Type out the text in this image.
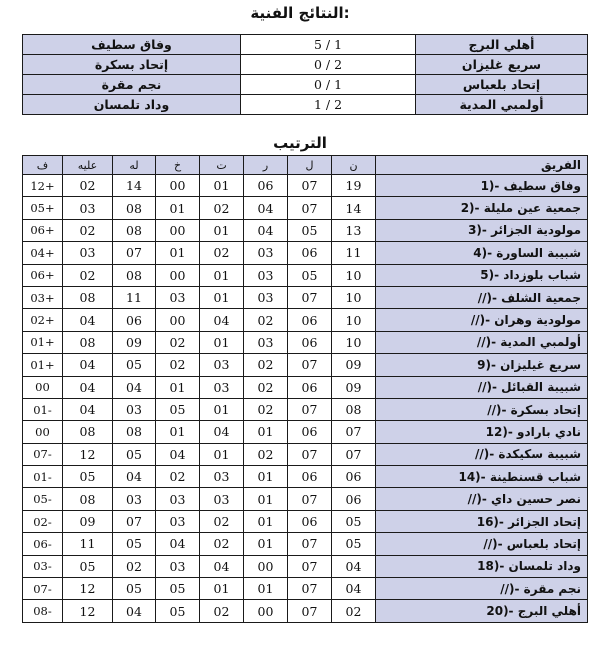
النتائج الفنية:
وفاق سطيف	5 / 1	أهلي البرج
إتحاد بسكرة	0 / 2	سريع غليزان
نجم مقرة	0 / 1	إتحاد بلعباس
وداد تلمسان	1 / 2	أولمبي المدية
الترتيب
ف	عليه	له	خ	ت	ر	ل	ن	الفريق
12+	02	14	00	01	06	07	19	1)- وفاق سطيف
05+	03	08	01	02	04	07	14	2)- جمعية عين مليلة
06+	02	08	00	01	04	05	13	3)- مولودية الجزائر
04+	03	07	01	02	03	06	11	4)- شبيبة الساورة
06+	02	08	00	01	03	05	10	5)- شباب بلوزداد
03+	08	11	03	01	03	07	10	//)- جمعية الشلف
02+	04	06	00	04	02	06	10	//)- مولودية وهران
01+	08	09	02	01	03	06	10	//)- أولمبي المدية
01+	04	05	02	03	02	07	09	9)- سريع غيليزان
00	04	04	01	03	02	06	09	//)- شبيبة القبائل
01-	04	03	05	01	02	07	08	//)- إتحاد بسكرة
00	08	08	01	04	01	06	07	12)- نادي بارادو
07-	12	05	04	01	02	07	07	//)- شبيبة سكيكدة
01-	05	04	02	03	01	06	06	14)- شباب قسنطينة
05-	08	03	03	03	01	07	06	//)- نصر حسين داي
02-	09	07	03	02	01	06	05	16)- إتحاد الجزائر
06-	11	05	04	02	01	07	05	//)- إتحاد بلعباس
03-	05	02	03	04	00	07	04	18)- وداد تلمسان
07-	12	05	05	01	01	07	04	//)- نجم مقرة
08-	12	04	05	02	00	07	02	20)- أهلي البرج
